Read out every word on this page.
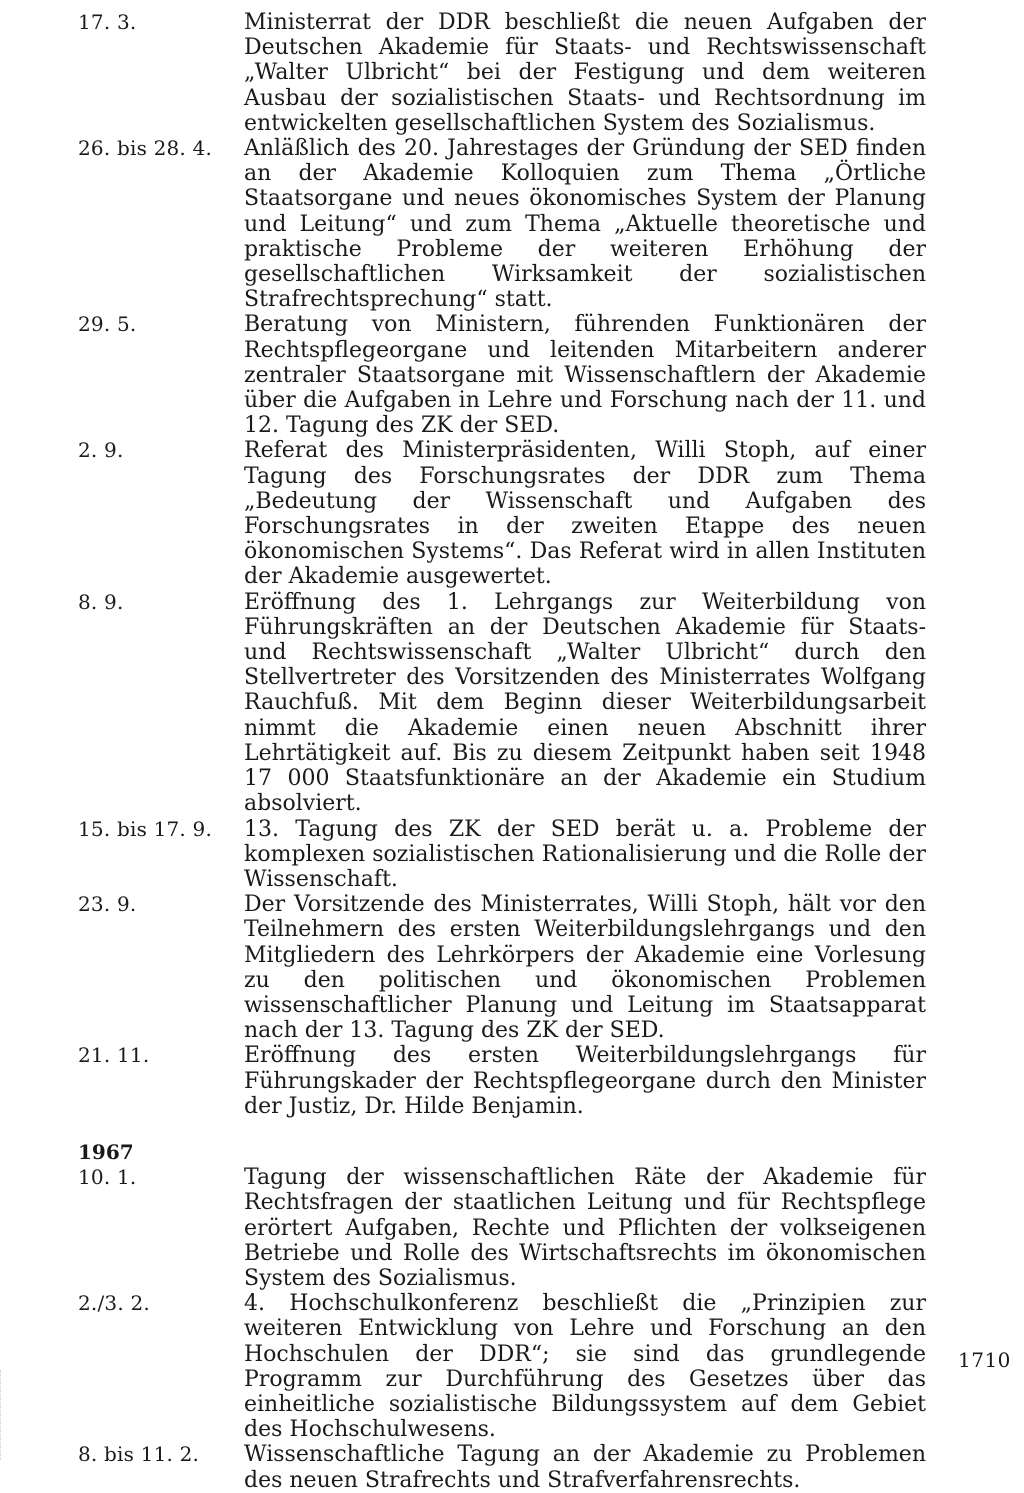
17. 3.	Ministerrat der DDR beschließt die neuen Aufgaben der Deutschen Akademie für Staats- und Rechtswissenschaft „Walter Ulbricht“ bei der Festigung und dem weiteren Ausbau der sozialistischen Staats- und Rechtsordnung im entwickelten gesellschaftlichen System des Sozialismus.
26. bis 28. 4.	Anläßlich des 20. Jahrestages der Gründung der SED finden an der Akademie Kolloquien zum Thema „Örtliche Staatsorgane und neues ökonomisches System der Planung und Leitung“ und zum Thema „Aktuelle theoretische und praktische Probleme der weiteren Erhöhung der gesellschaftlichen Wirksamkeit der sozialistischen Strafrechtsprechung“ statt.
29. 5.	Beratung von Ministern, führenden Funktionären der Rechtspflegeorgane und leitenden Mitarbeitern anderer zentraler Staatsorgane mit Wissenschaftlern der Akademie über die Aufgaben in Lehre und Forschung nach der 11. und 12. Tagung des ZK der SED.
2. 9.	Referat des Ministerpräsidenten, Willi Stoph, auf einer Tagung des Forschungsrates der DDR zum Thema „Bedeutung der Wissenschaft und Aufgaben des Forschungsrates in der zweiten Etappe des neuen ökonomischen Systems“. Das Referat wird in allen Instituten der Akademie ausgewertet.
8. 9.	Eröffnung des 1. Lehrgangs zur Weiterbildung von Führungskräften an der Deutschen Akademie für Staats- und Rechtswissenschaft „Walter Ulbricht“ durch den Stellvertreter des Vorsitzenden des Ministerrates Wolfgang Rauchfuß. Mit dem Beginn dieser Weiterbildungsarbeit nimmt die Akademie einen neuen Abschnitt ihrer Lehrtätigkeit auf. Bis zu diesem Zeitpunkt haben seit 1948 17 000 Staatsfunktionäre an der Akademie ein Studium absolviert.
15. bis 17. 9.	13. Tagung des ZK der SED berät u. a. Probleme der komplexen sozialistischen Rationalisierung und die Rolle der Wissenschaft.
23. 9.	Der Vorsitzende des Ministerrates, Willi Stoph, hält vor den Teilnehmern des ersten Weiterbildungslehrgangs und den Mitgliedern des Lehrkörpers der Akademie eine Vorlesung zu den politischen und ökonomischen Problemen wissenschaftlicher Planung und Leitung im Staatsapparat nach der 13. Tagung des ZK der SED.
21. 11.	Eröffnung des ersten Weiterbildungslehrgangs für Führungskader der Rechtspflegeorgane durch den Minister der Justiz, Dr. Hilde Benjamin.
1967
10. 1.	Tagung der wissenschaftlichen Räte der Akademie für Rechtsfragen der staatlichen Leitung und für Rechtspflege erörtert Aufgaben, Rechte und Pflichten der volkseigenen Betriebe und Rolle des Wirtschaftsrechts im ökonomischen System des Sozialismus.
2./3. 2.	4. Hochschulkonferenz beschließt die „Prinzipien zur weiteren Entwicklung von Lehre und Forschung an den Hochschulen der DDR“; sie sind das grundlegende Programm zur Durchführung des Gesetzes über das einheitliche sozialistische Bildungssystem auf dem Gebiet des Hochschulwesens.
8. bis 11. 2.	Wissenschaftliche Tagung an der Akademie zu Problemen des neuen Strafrechts und Strafverfahrensrechts.
1710
